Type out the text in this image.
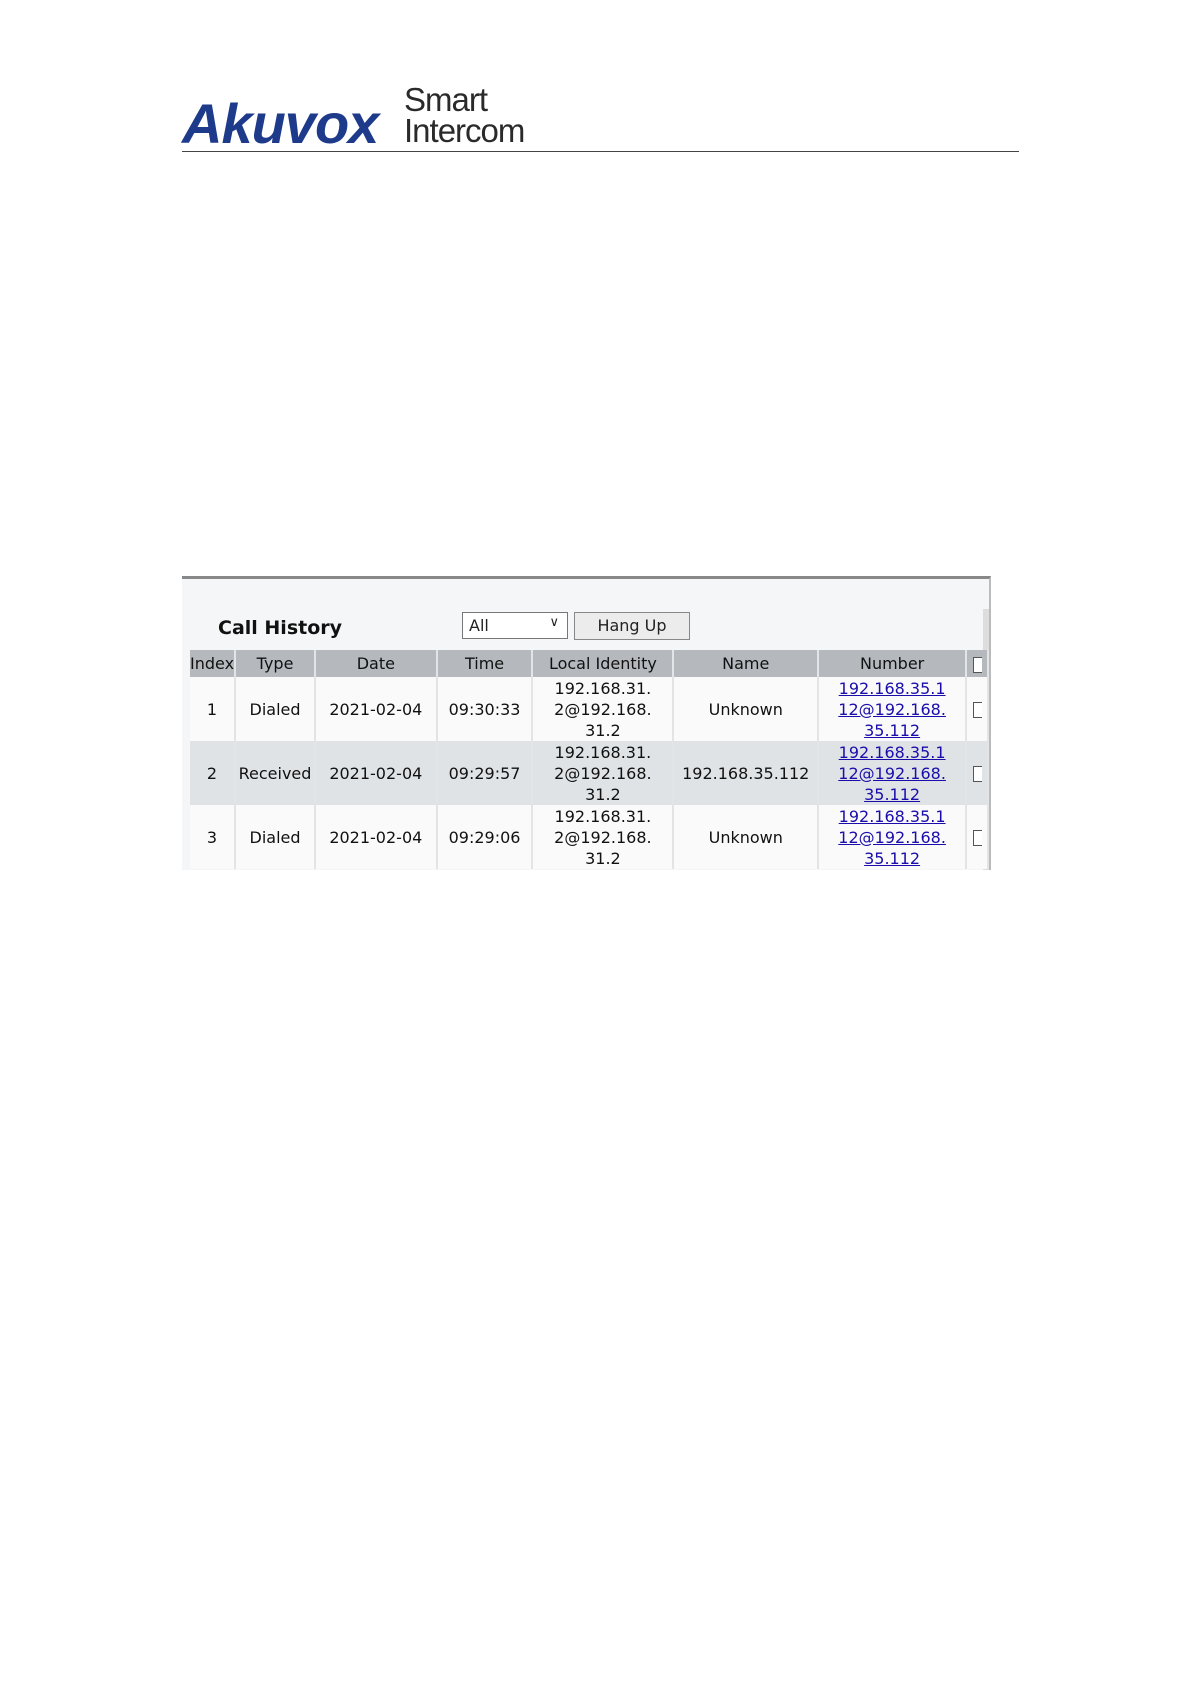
Akuvox Smart
Intercom
Call History	All	∨	Hang Up
Index	Type	Date	Time	Local Identity	Name	Number	
1	Dialed	2021-02-04	09:30:33	192.168.31.2@192.168.31.2	Unknown	192.168.35.112@192.168.35.112	
2	Received	2021-02-04	09:29:57	192.168.31.2@192.168.31.2	192.168.35.112	192.168.35.112@192.168.35.112	
3	Dialed	2021-02-04	09:29:06	192.168.31.2@192.168.31.2	Unknown	192.168.35.112@192.168.35.112	
